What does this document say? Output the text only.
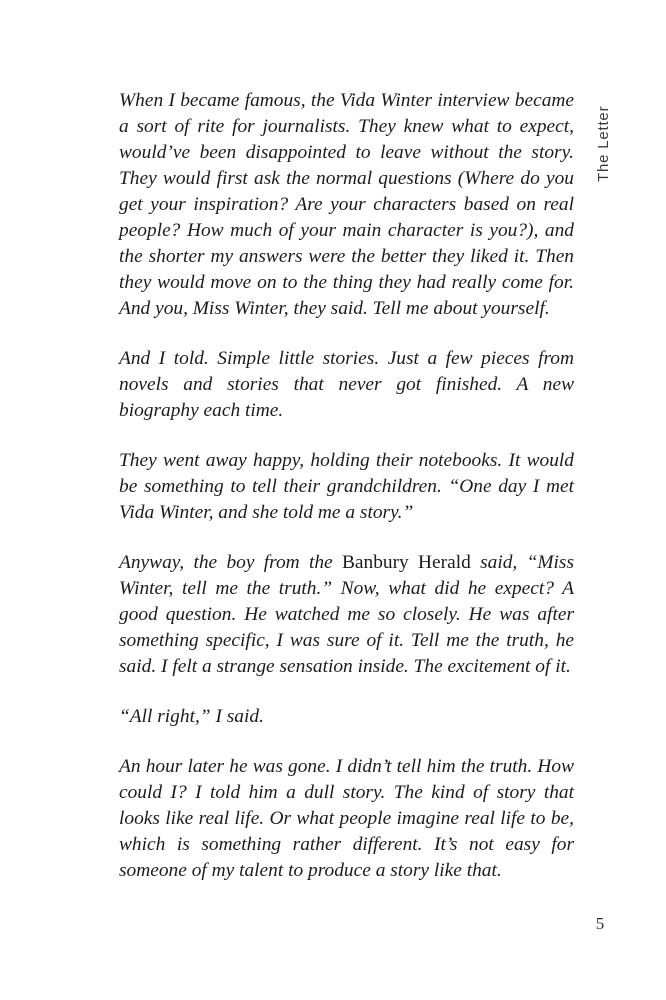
The Letter

When I became famous, the Vida Winter interview became a sort of rite for journalists. They knew what to expect, would’ve been disappointed to leave without the story. They would first ask the normal questions (Where do you get your inspiration? Are your characters based on real people? How much of your main character is you?), and the shorter my answers were the better they liked it. Then they would move on to the thing they had really come for. And you, Miss Winter, they said. Tell me about yourself.

And I told. Simple little stories. Just a few pieces from novels and stories that never got finished. A new biography each time.

They went away happy, holding their notebooks. It would be something to tell their grandchildren. “One day I met Vida Winter, and she told me a story.”

Anyway, the boy from the Banbury Herald said, “Miss Winter, tell me the truth.” Now, what did he expect? A good question. He watched me so closely. He was after something specific, I was sure of it. Tell me the truth, he said. I felt a strange sensation inside. The excitement of it.

“All right,” I said.

An hour later he was gone. I didn’t tell him the truth. How could I? I told him a dull story. The kind of story that looks like real life. Or what people imagine real life to be, which is something rather different. It’s not easy for someone of my talent to produce a story like that.

5
